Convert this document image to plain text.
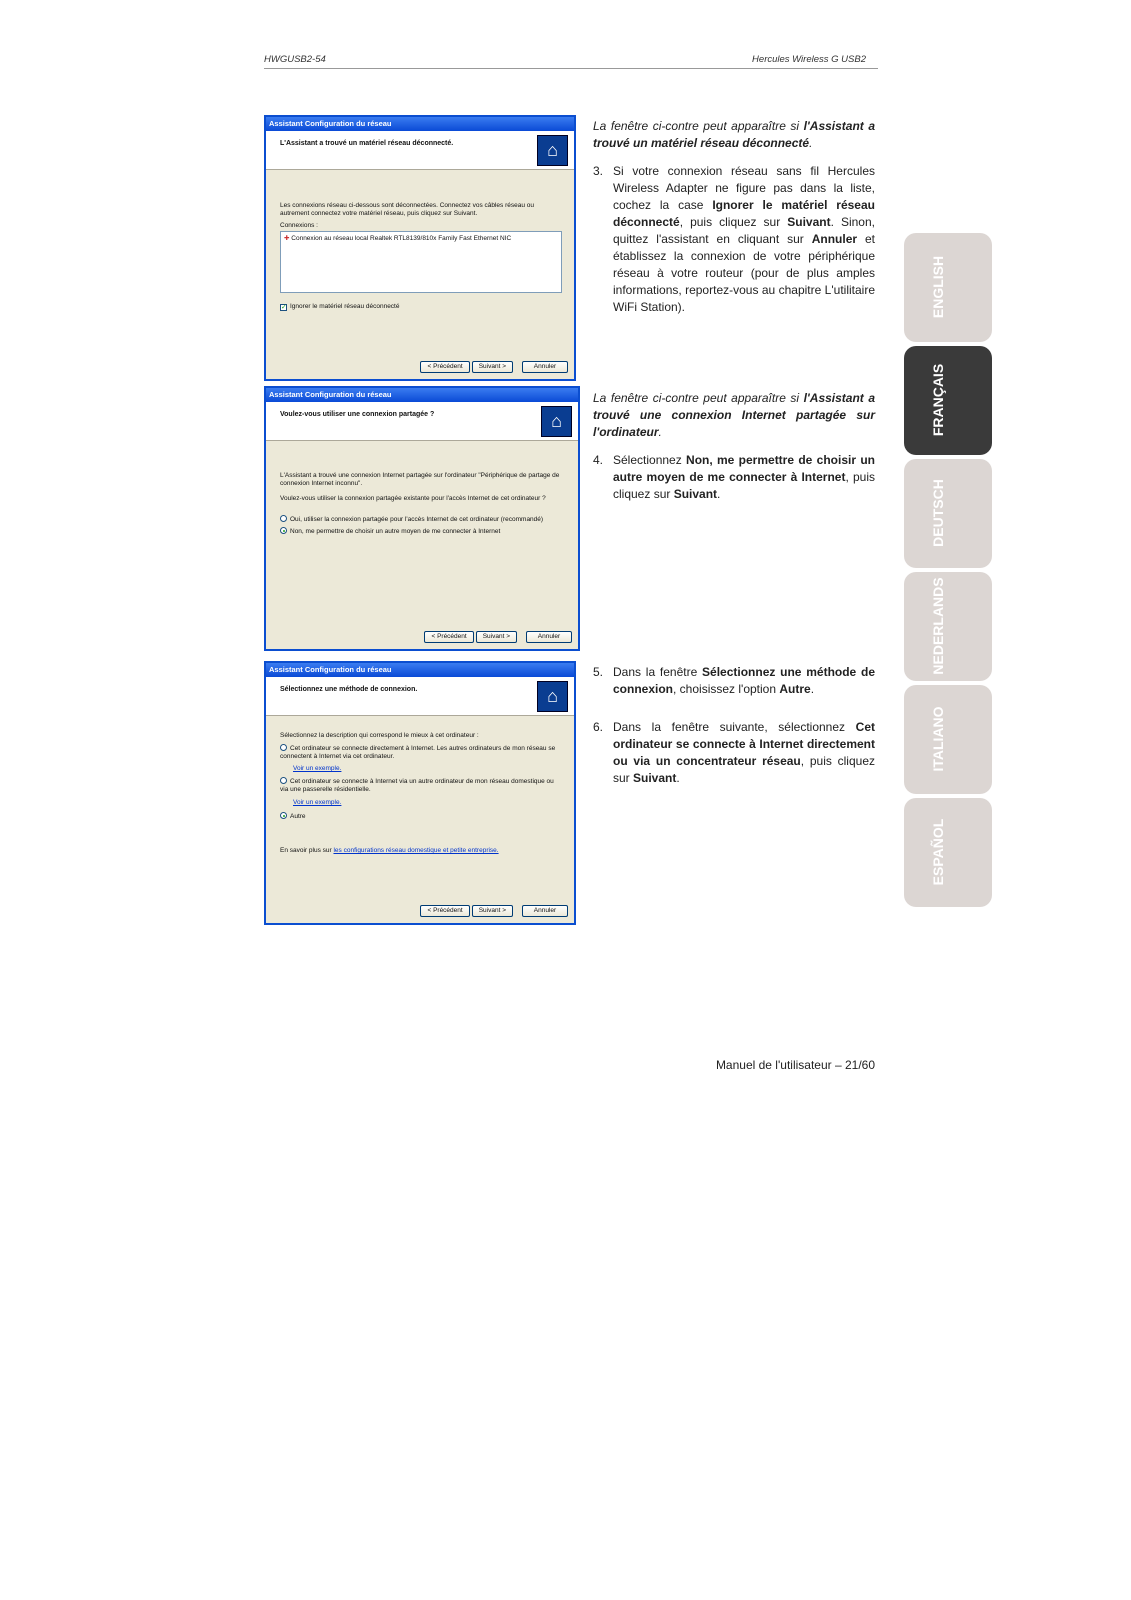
HWGUSB2-54	Hercules Wireless G USB2
Assistant Configuration du réseau
L'Assistant a trouvé un matériel réseau déconnecté.	⌂
Les connexions réseau ci-dessous sont déconnectées. Connectez vos câbles réseau ou autrement connectez votre matériel réseau, puis cliquez sur Suivant.
Connexions :
✚ Connexion au réseau local Realtek RTL8139/810x Family Fast Ethernet NIC
✓ Ignorer le matériel réseau déconnecté
< Précédent Suivant >	Annuler
Assistant Configuration du réseau
Voulez-vous utiliser une connexion partagée ?	⌂
L'Assistant a trouvé une connexion Internet partagée sur l'ordinateur "Périphérique de partage de connexion Internet inconnu".
Voulez-vous utiliser la connexion partagée existante pour l'accès Internet de cet ordinateur ?
Oui, utiliser la connexion partagée pour l'accès Internet de cet ordinateur (recommandé)
Non, me permettre de choisir un autre moyen de me connecter à Internet
< Précédent Suivant >	Annuler
Assistant Configuration du réseau
Sélectionnez une méthode de connexion.	⌂
Sélectionnez la description qui correspond le mieux à cet ordinateur :
Cet ordinateur se connecte directement à Internet. Les autres ordinateurs de mon réseau se connectent à Internet via cet ordinateur.
Voir un exemple.
Cet ordinateur se connecte à Internet via un autre ordinateur de mon réseau domestique ou via une passerelle résidentielle.
Voir un exemple.
Autre
En savoir plus sur les configurations réseau domestique et petite entreprise.
< Précédent Suivant >	Annuler
La fenêtre ci-contre peut apparaître si l'Assistant a trouvé un matériel réseau déconnecté.
3. Si votre connexion réseau sans fil Hercules Wireless Adapter ne figure pas dans la liste, cochez la case Ignorer le matériel réseau déconnecté, puis cliquez sur Suivant. Sinon, quittez l'assistant en cliquant sur Annuler et établissez la connexion de votre périphérique réseau à votre routeur (pour de plus amples informations, reportez-vous au chapitre L'utilitaire WiFi Station).
La fenêtre ci-contre peut apparaître si l'Assistant a trouvé une connexion Internet partagée sur l'ordinateur.
4. Sélectionnez Non, me permettre de choisir un autre moyen de me connecter à Internet, puis cliquez sur Suivant.
5. Dans la fenêtre Sélectionnez une méthode de connexion, choisissez l'option Autre.
6. Dans la fenêtre suivante, sélectionnez Cet ordinateur se connecte à Internet directement ou via un concentrateur réseau, puis cliquez sur Suivant.
ENGLISH
FRANÇAIS
DEUTSCH
NEDERLANDS
ITALIANO
ESPAÑOL
Manuel de l'utilisateur – 21/60
